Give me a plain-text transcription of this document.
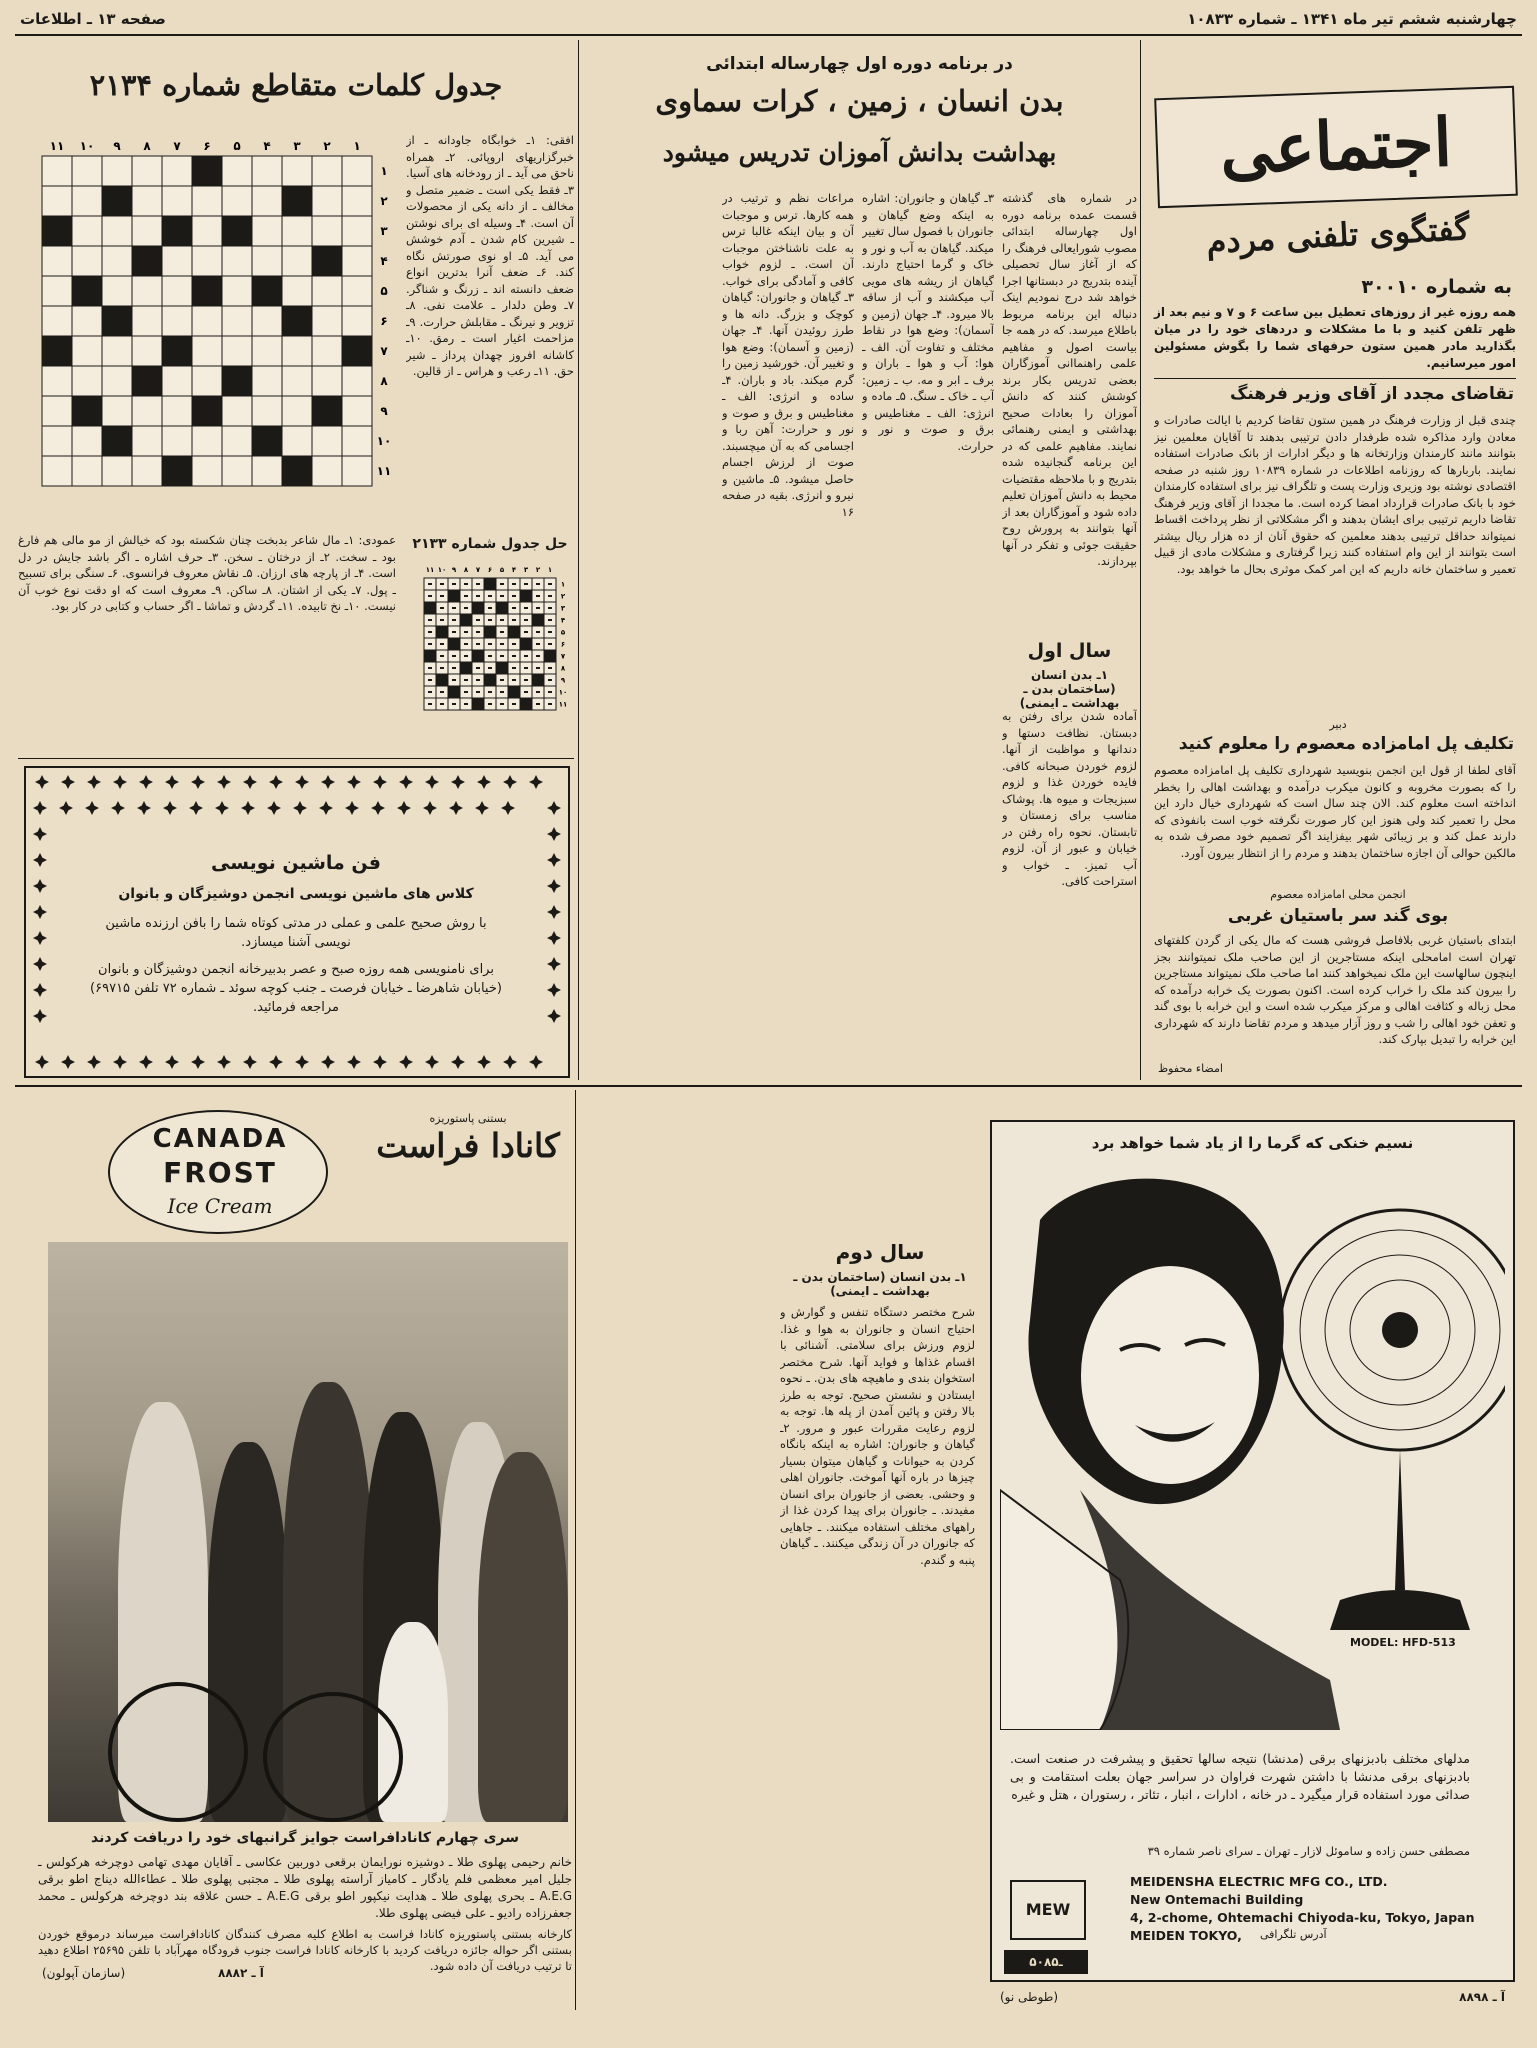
چهارشنبه ششم تیر ماه ۱۳۴۱ ـ شماره ۱۰۸۳۳
صفحه ۱۳ ـ اطلاعات
اجتماعی
گفتگوی تلفنی مردم
به شماره ۳۰۰۱۰
همه روزه غیر از روزهای تعطیل بین ساعت ۶ و ۷ و نیم بعد از ظهر تلفن کنید و با ما مشکلات و دردهای خود را در میان بگذارید مادر همین ستون حرفهای شما را بگوش مسئولین امور میرسانیم.
تقاضای مجدد از آقای وزیر فرهنگ
چندی قبل از وزارت فرهنگ در همین ستون تقاضا کردیم با ایالت صادرات و معادن وارد مذاکره شده طرفدار دادن ترتیبی بدهند تا آقایان معلمین نیز بتوانند مانند کارمندان وزارتخانه ها و دیگر ادارات از بانک صادرات استفاده نمایند. باربارها که روزنامه اطلاعات در شماره ۱۰۸۳۹ روز شنبه در صفحه اقتصادی نوشته بود وزیری وزارت پست و تلگراف نیز برای استفاده کارمندان خود با بانک صادرات قرارداد امضا کرده است. ما مجددا از آقای وزیر فرهنگ تقاضا داریم ترتیبی برای ایشان بدهند و اگر مشکلاتی از نظر پرداخت اقساط نمیتواند حداقل ترتیبی بدهند معلمین که حقوق آنان از ده هزار ریال بیشتر است بتوانند از این وام استفاده کنند زیرا گرفتاری و مشکلات مادی از قبیل تعمیر و ساختمان خانه داریم که این امر کمک موثری بحال ما خواهد بود.
دبیر
تکلیف پل امامزاده معصوم را معلوم کنید
آقای لطفا از قول این انجمن بنویسید شهرداری تکلیف پل امامزاده معصوم را که بصورت مخروبه و کانون میکرب درآمده و بهداشت اهالی را بخطر انداخته است معلوم کند. الان چند سال است که شهرداری خیال دارد این محل را تعمیر کند ولی هنوز این کار صورت نگرفته خوب است بانفوذی که دارند عمل کند و بر زیبائی شهر بیفزایند اگر تصمیم خود مصرف شده به مالکین حوالی آن اجازه ساختمان بدهند و مردم را از انتظار بیرون آورد.
انجمن محلی امامزاده معصوم
بوی گند سر باستیان غربی
ابتدای باستیان غربی بلافاصل فروشی هست که مال یکی از گردن کلفتهای تهران است امامحلی اینکه مستاجرین از این صاحب ملک نمیتوانند بجز اینچون سالهاست این ملک نمیخواهد کنند اما صاحب ملک نمیتواند مستاجرین را بیرون کند ملک را خراب کرده است. اکنون بصورت یک خرابه درآمده که محل زباله و کثافت اهالی و مرکز میکرب شده است و این خرابه با بوی گند و تعفن خود اهالی را شب و روز آزار میدهد و مردم تقاضا دارند که شهرداری این خرابه را تبدیل بپارک کند.
امضاء محفوظ
در برنامه دوره اول چهارساله ابتدائی
بدن انسان ، زمین ، کرات سماوی
بهداشت بدانش آموزان تدریس میشود
در شماره های گذشته قسمت عمده برنامه دوره اول چهارساله ابتدائی مصوب شورایعالی فرهنگ را که از آغاز سال تحصیلی آینده بتدریج در دبستانها اجرا خواهد شد درج نمودیم اینک دنباله این برنامه مربوط باطلاع میرسد. که در همه جا بیاست اصول و مفاهیم علمی راهنماانی آموزگاران بعضی تدریس بکار برند کوشش کنند که دانش آموزان را بعادات صحیح بهداشتی و ایمنی رهنمائی نمایند. مفاهیم علمی که در این برنامه گنجانیده شده بتدریج و با ملاحظه مقتضیات محیط به دانش آموزان تعلیم داده شود و آموزگاران بعد از آنها بتوانند به پرورش روح حقیقت جوئی و تفکر در آنها بپردازند.
سال اول
۱ـ بدن انسان (ساختمان بدن ـ بهداشت ـ ایمنی)
آماده شدن برای رفتن به دبستان. نظافت دستها و دندانها و مواظبت از آنها. لزوم خوردن صبحانه کافی. فایده خوردن غذا و لزوم سبزیجات و میوه ها. پوشاک مناسب برای زمستان و تابستان. نحوه راه رفتن در خیابان و عبور از آن. لزوم آب تمیز. ـ خواب و استراحت کافی.
۳ـ گیاهان و جانوران: اشاره به اینکه وضع گیاهان و جانوران با فصول سال تغییر میکند. گیاهان به آب و نور و خاک و گرما احتیاج دارند. گیاهان از ریشه های مویی آب میکشند و آب از ساقه بالا میرود. ۴ـ جهان (زمین و آسمان): وضع هوا در نقاط مختلف و تفاوت آن. الف ـ هوا: آب و هوا ـ باران و برف ـ ابر و مه. ب ـ زمین: آب ـ خاک ـ سنگ. ۵ـ ماده و انرژی: الف ـ مغناطیس و برق و صوت و نور و حرارت.
مراعات نظم و ترتیب در همه کارها. ترس و موجبات آن و بیان اینکه غالبا ترس به علت ناشناختن موجبات آن است. ـ لزوم خواب کافی و آمادگی برای خواب. ۳ـ گیاهان و جانوران: گیاهان کوچک و بزرگ. دانه ها و طرز روئیدن آنها. ۴ـ جهان (زمین و آسمان): وضع هوا و تغییر آن. خورشید زمین را گرم میکند. باد و باران. ۴ـ ساده و انرژی: الف ـ مغناطیس و برق و صوت و نور و حرارت: آهن ربا و اجسامی که به آن میچسبند. صوت از لرزش اجسام حاصل میشود. ۵ـ ماشین و نیرو و انرژی. بقیه در صفحه ۱۶
جدول کلمات متقاطع شماره ۲۱۳۴
۱
۲
۳
۴
۵
۶
۷
۸
۹
۱۰
۱۱
۱
۲
۳
۴
۵
۶
۷
۸
۹
۱۰
۱۱
افقی: ۱ـ خوابگاه جاودانه ـ از خبرگزاریهای اروپائی. ۲ـ همراه ناحق می آید ـ از رودخانه های آسیا. ۳ـ فقط یکی است ـ ضمیر متصل و مخالف ـ از دانه یکی از محصولات آن است. ۴ـ وسیله ای برای نوشتن ـ شیرین کام شدن ـ آدم خوشش می آید. ۵ـ او نوی صورتش نگاه کند. ۶ـ ضعف آنرا بدترین انواع ضعف دانسته اند ـ زرنگ و شناگر. ۷ـ وطن دلدار ـ علامت نفی. ۸ـ تزویر و نیرنگ ـ مقابلش حرارت. ۹ـ مزاحمت اغیار است ـ رمق. ۱۰ـ کاشانه افروز چهدان پرداز ـ شیر حق. ۱۱ـ رعب و هراس ـ از قالین.
عمودی: ۱ـ مال شاعر بدبخت چنان شکسته بود که خیالش از مو مالی هم فارغ بود ـ سخت. ۲ـ از درختان ـ سخن. ۳ـ حرف اشاره ـ اگر باشد جایش در دل است. ۴ـ از پارچه های ارزان. ۵ـ نقاش معروف فرانسوی. ۶ـ سنگی برای تسبیح ـ پول. ۷ـ یکی از اشتان. ۸ـ ساکن. ۹ـ معروف است که او دقت نوع خوب آن نیست. ۱۰ـ نخ تابیده. ۱۱ـ گردش و تماشا ـ اگر حساب و کتابی در کار بود.
حل جدول شماره ۲۱۳۳
۱
۲
۳
۴
۵
۶
۷
۸
۹
۱۰
۱۱
۱
۲
۳
۴
۵
۶
۷
۸
۹
۱۰
۱۱
فن ماشین نویسی
کلاس های ماشین نویسی انجمن دوشیزگان و بانوان
با روش صحیح علمی و عملی در مدتی کوتاه شما را بافن ارزنده ماشین نویسی آشنا میسازد.
برای نامنویسی همه روزه صبح و عصر بدبیرخانه انجمن دوشیزگان و بانوان (خیابان شاهرضا ـ خیابان فرصت ـ جنب کوچه سوئد ـ شماره ۷۲ تلفن ۶۹۷۱۵) مراجعه فرمائید.
سال دوم
۱ـ بدن انسان (ساختمان بدن ـ بهداشت ـ ایمنی)
شرح مختصر دستگاه تنفس و گوارش و احتیاج انسان و جانوران به هوا و غذا. لزوم ورزش برای سلامتی. آشنائی با اقسام غذاها و فواید آنها. شرح مختصر استخوان بندی و ماهیچه های بدن. ـ نحوه ایستادن و نشستن صحیح. توجه به طرز بالا رفتن و پائین آمدن از پله ها. توجه به لزوم رعایت مقررات عبور و مرور. ۲ـ گیاهان و جانوران: اشاره به اینکه بانگاه کردن به حیوانات و گیاهان میتوان بسیار چیزها در باره آنها آموخت. جانوران اهلی و وحشی. بعضی از جانوران برای انسان مفیدند. ـ جانوران برای پیدا کردن غذا از راههای مختلف استفاده میکنند. ـ جاهایی که جانوران در آن زندگی میکنند. ـ گیاهان پنبه و گندم.
نسیم خنکی که گرما را از یاد شما خواهد برد
MODEL: HFD-513
مدلهای مختلف بادبزنهای برقی (مدنشا) نتیجه سالها تحقیق و پیشرفت در صنعت است. بادبزنهای برقی مدنشا با داشتن شهرت فراوان در سراسر جهان بعلت استقامت و بی صدائی مورد استفاده قرار میگیرد ـ در خانه ، ادارات ، انبار ، تئاتر ، رستوران ، هتل و غیره
مصطفی حسن زاده و ساموئل لازار ـ تهران ـ سرای ناصر شماره ۳۹
MEIDENSHA ELECTRIC MFG CO., LTD.
New Ontemachi Building
4, 2-chome, Ohtemachi Chiyoda-ku, Tokyo, Japan
MEIDEN TOKYO, آدرس تلگرافی
MEW
ـ۵۰۸۵
(طوطی نو)	آ ـ ۸۸۹۸
CANADA
FROST
Ice Cream
بستنی پاستوریزه
کانادا فراست
سری چهارم کانادافراست جوایز گرانبهای خود را دریافت کردند
خانم رحیمی پهلوی طلا ـ دوشیزه نورایمان برقعی دوربین عکاسی ـ آقایان مهدی تهامی دوچرخه هرکولس ـ جلیل امیر معظمی فلم یادگار ـ کامیاز آراسته پهلوی طلا ـ مجتبی پهلوی طلا ـ عطاءالله دیناج اطو برقی A.E.G ـ بحری پهلوی طلا ـ هدایت نیکپور اطو برقی A.E.G ـ حسن علاقه بند دوچرخه هرکولس ـ محمد جعفرزاده رادیو ـ علی فیضی پهلوی طلا.
کارخانه بستنی پاستوریزه کانادا فراست به اطلاع کلیه مصرف کنندگان کانادافراست میرساند درموقع خوردن بستنی اگر حواله جائزه دریافت کردید با کارخانه کانادا فراست جنوب فرودگاه مهرآباد با تلفن ۲۵۶۹۵ اطلاع دهید تا ترتیب دریافت آن داده شود.
(سازمان آپولون)	آ ـ ۸۸۸۲
